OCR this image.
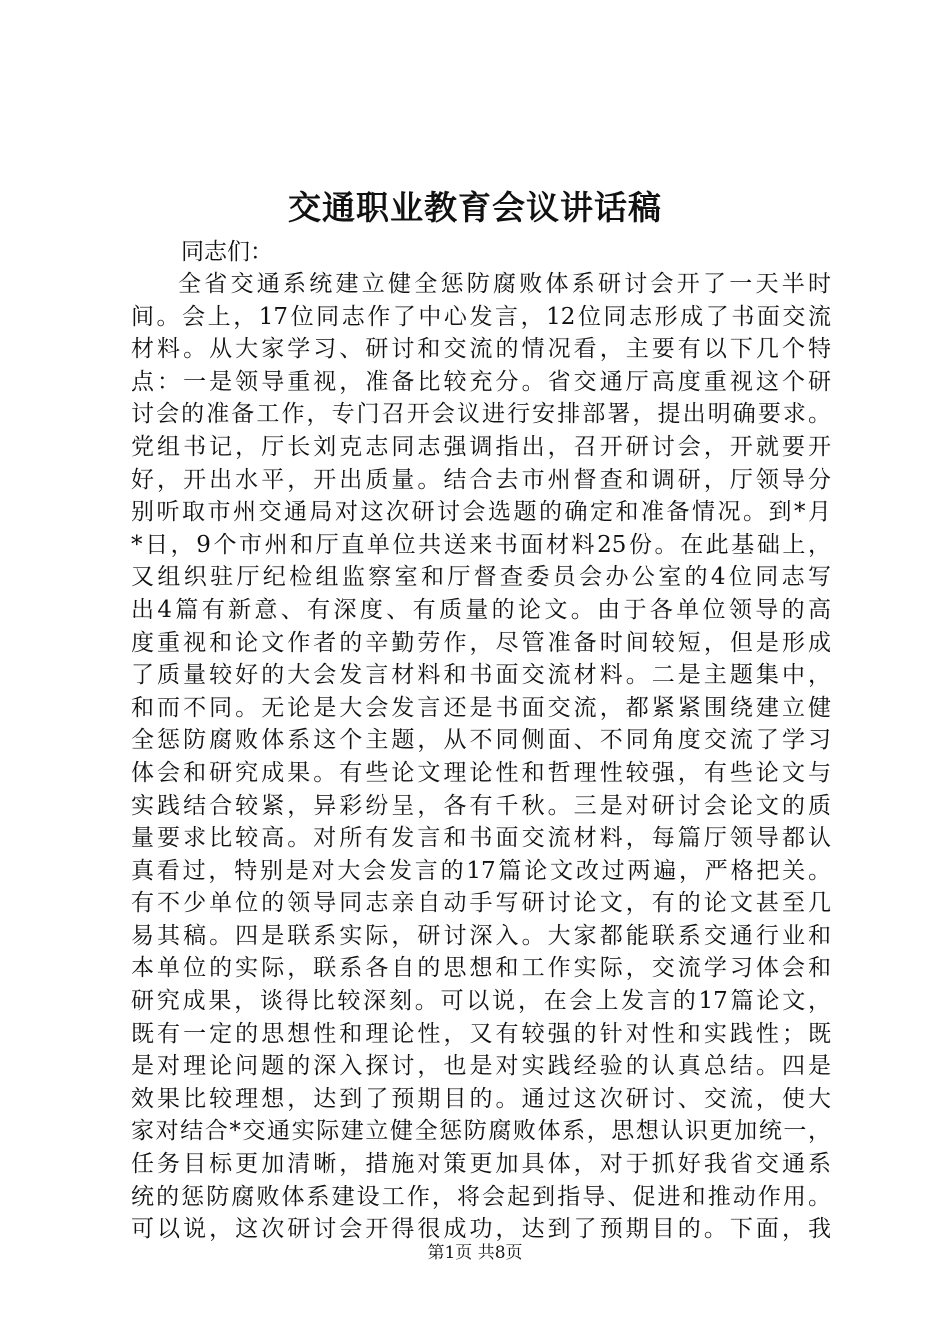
交通职业教育会议讲话稿
同志们：
全省交通系统建立健全惩防腐败体系研讨会开了一天半时
间。会上，17位同志作了中心发言，12位同志形成了书面交流
材料。从大家学习、研讨和交流的情况看，主要有以下几个特
点：一是领导重视，准备比较充分。省交通厅高度重视这个研
讨会的准备工作，专门召开会议进行安排部署，提出明确要求。
党组书记，厅长刘克志同志强调指出，召开研讨会，开就要开
好，开出水平，开出质量。结合去市州督查和调研，厅领导分
别听取市州交通局对这次研讨会选题的确定和准备情况。到*月
*日，9个市州和厅直单位共送来书面材料25份。在此基础上，
又组织驻厅纪检组监察室和厅督查委员会办公室的4位同志写
出4篇有新意、有深度、有质量的论文。由于各单位领导的高
度重视和论文作者的辛勤劳作，尽管准备时间较短，但是形成
了质量较好的大会发言材料和书面交流材料。二是主题集中，
和而不同。无论是大会发言还是书面交流，都紧紧围绕建立健
全惩防腐败体系这个主题，从不同侧面、不同角度交流了学习
体会和研究成果。有些论文理论性和哲理性较强，有些论文与
实践结合较紧，异彩纷呈，各有千秋。三是对研讨会论文的质
量要求比较高。对所有发言和书面交流材料，每篇厅领导都认
真看过，特别是对大会发言的17篇论文改过两遍，严格把关。
有不少单位的领导同志亲自动手写研讨论文，有的论文甚至几
易其稿。四是联系实际，研讨深入。大家都能联系交通行业和
本单位的实际，联系各自的思想和工作实际，交流学习体会和
研究成果，谈得比较深刻。可以说，在会上发言的17篇论文，
既有一定的思想性和理论性，又有较强的针对性和实践性；既
是对理论问题的深入探讨，也是对实践经验的认真总结。四是
效果比较理想，达到了预期目的。通过这次研讨、交流，使大
家对结合*交通实际建立健全惩防腐败体系，思想认识更加统一，
任务目标更加清晰，措施对策更加具体，对于抓好我省交通系
统的惩防腐败体系建设工作，将会起到指导、促进和推动作用。
可以说，这次研讨会开得很成功，达到了预期目的。下面，我
第1页 共8页
